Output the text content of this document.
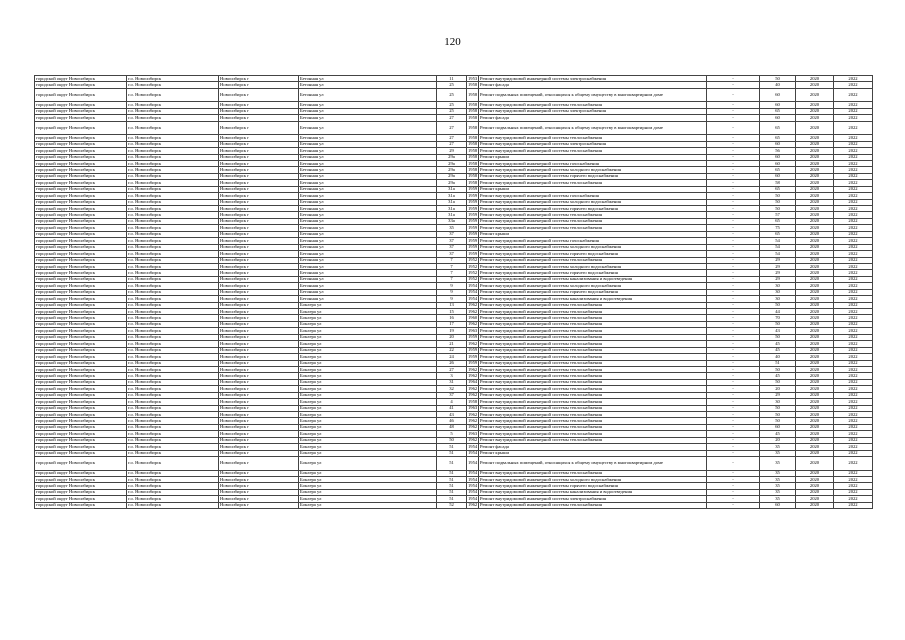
120
городской округ Новосибирск	г.о. Новосибирск	Новосибирск г	Бетонная ул	11	1953	Ремонт внутридомовой инженерной системы электроснабжения	-	50	2020	2022
городской округ Новосибирск	г.о. Новосибирск	Новосибирск г	Бетонная ул	25	1958	Ремонт фасада	-	40	2020	2022
городской округ Новосибирск	г.о. Новосибирск	Новосибирск г	Бетонная ул	25	1958	Ремонт подвальных помещений, относящихся к общему имуществу в многоквартирном доме	-	60	2020	2022
городской округ Новосибирск	г.о. Новосибирск	Новосибирск г	Бетонная ул	25	1958	Ремонт внутридомовой инженерной системы теплоснабжения	-	60	2020	2022
городской округ Новосибирск	г.о. Новосибирск	Новосибирск г	Бетонная ул	25	1958	Ремонт внутридомовой инженерной системы электроснабжения	-	65	2020	2022
городской округ Новосибирск	г.о. Новосибирск	Новосибирск г	Бетонная ул	27	1958	Ремонт фасада	-	60	2020	2022
городской округ Новосибирск	г.о. Новосибирск	Новосибирск г	Бетонная ул	27	1958	Ремонт подвальных помещений, относящихся к общему имуществу в многоквартирном доме	-	65	2020	2022
городской округ Новосибирск	г.о. Новосибирск	Новосибирск г	Бетонная ул	27	1958	Ремонт внутридомовой инженерной системы теплоснабжения	-	65	2020	2022
городской округ Новосибирск	г.о. Новосибирск	Новосибирск г	Бетонная ул	27	1958	Ремонт внутридомовой инженерной системы электроснабжения	-	60	2020	2022
городской округ Новосибирск	г.о. Новосибирск	Новосибирск г	Бетонная ул	29	1958	Ремонт внутридомовой инженерной системы теплоснабжения	-	56	2020	2022
городской округ Новосибирск	г.о. Новосибирск	Новосибирск г	Бетонная ул	29а	1958	Ремонт крыши	-	60	2020	2022
городской округ Новосибирск	г.о. Новосибирск	Новосибирск г	Бетонная ул	29а	1958	Ремонт внутридомовой инженерной системы газоснабжения	-	60	2020	2022
городской округ Новосибирск	г.о. Новосибирск	Новосибирск г	Бетонная ул	29а	1958	Ремонт внутридомовой инженерной системы холодного водоснабжения	-	65	2020	2022
городской округ Новосибирск	г.о. Новосибирск	Новосибирск г	Бетонная ул	29а	1958	Ремонт внутридомовой инженерной системы горячего водоснабжения	-	60	2020	2022
городской округ Новосибирск	г.о. Новосибирск	Новосибирск г	Бетонная ул	29а	1958	Ремонт внутридомовой инженерной системы теплоснабжения	-	58	2020	2022
городской округ Новосибирск	г.о. Новосибирск	Новосибирск г	Бетонная ул	31а	1959	Ремонт крыши	-	65	2020	2022
городской округ Новосибирск	г.о. Новосибирск	Новосибирск г	Бетонная ул	31а	1959	Ремонт внутридомовой инженерной системы газоснабжения	-	50	2020	2022
городской округ Новосибирск	г.о. Новосибирск	Новосибирск г	Бетонная ул	31а	1959	Ремонт внутридомовой инженерной системы холодного водоснабжения	-	50	2020	2022
городской округ Новосибирск	г.о. Новосибирск	Новосибирск г	Бетонная ул	31а	1959	Ремонт внутридомовой инженерной системы горячего водоснабжения	-	50	2020	2022
городской округ Новосибирск	г.о. Новосибирск	Новосибирск г	Бетонная ул	31а	1959	Ремонт внутридомовой инженерной системы теплоснабжения	-	57	2020	2022
городской округ Новосибирск	г.о. Новосибирск	Новосибирск г	Бетонная ул	33а	1959	Ремонт внутридомовой инженерной системы теплоснабжения	-	65	2020	2022
городской округ Новосибирск	г.о. Новосибирск	Новосибирск г	Бетонная ул	35	1959	Ремонт внутридомовой инженерной системы теплоснабжения	-	75	2020	2022
городской округ Новосибирск	г.о. Новосибирск	Новосибирск г	Бетонная ул	37	1959	Ремонт крыши	-	65	2020	2022
городской округ Новосибирск	г.о. Новосибирск	Новосибирск г	Бетонная ул	37	1959	Ремонт внутридомовой инженерной системы газоснабжения	-	54	2020	2022
городской округ Новосибирск	г.о. Новосибирск	Новосибирск г	Бетонная ул	37	1959	Ремонт внутридомовой инженерной системы холодного водоснабжения	-	54	2020	2022
городской округ Новосибирск	г.о. Новосибирск	Новосибирск г	Бетонная ул	37	1959	Ремонт внутридомовой инженерной системы горячего водоснабжения	-	54	2020	2022
городской округ Новосибирск	г.о. Новосибирск	Новосибирск г	Бетонная ул	7	1952	Ремонт внутридомовой инженерной системы теплоснабжения	-	29	2020	2022
городской округ Новосибирск	г.о. Новосибирск	Новосибирск г	Бетонная ул	7	1952	Ремонт внутридомовой инженерной системы холодного водоснабжения	-	29	2020	2022
городской округ Новосибирск	г.о. Новосибирск	Новосибирск г	Бетонная ул	7	1952	Ремонт внутридомовой инженерной системы горячего водоснабжения	-	29	2020	2022
городской округ Новосибирск	г.о. Новосибирск	Новосибирск г	Бетонная ул	7	1952	Ремонт внутридомовой инженерной системы канализования и водоотведения	-	29	2020	2022
городской округ Новосибирск	г.о. Новосибирск	Новосибирск г	Бетонная ул	9	1954	Ремонт внутридомовой инженерной системы холодного водоснабжения	-	30	2020	2022
городской округ Новосибирск	г.о. Новосибирск	Новосибирск г	Бетонная ул	9	1954	Ремонт внутридомовой инженерной системы горячего водоснабжения	-	30	2020	2022
городской округ Новосибирск	г.о. Новосибирск	Новосибирск г	Бетонная ул	9	1954	Ремонт внутридомовой инженерной системы канализования и водоотведения	-	30	2020	2022
городской округ Новосибирск	г.о. Новосибирск	Новосибирск г	Боклера ул	13	1962	Ремонт внутридомовой инженерной системы теплоснабжения	-	50	2020	2022
городской округ Новосибирск	г.о. Новосибирск	Новосибирск г	Боклера ул	15	1962	Ремонт внутридомовой инженерной системы теплоснабжения	-	44	2020	2022
городской округ Новосибирск	г.о. Новосибирск	Новосибирск г	Боклера ул	16	1960	Ремонт внутридомовой инженерной системы теплоснабжения	-	70	2020	2022
городской округ Новосибирск	г.о. Новосибирск	Новосибирск г	Боклера ул	17	1962	Ремонт внутридомовой инженерной системы теплоснабжения	-	50	2020	2022
городской округ Новосибирск	г.о. Новосибирск	Новосибирск г	Боклера ул	19	1963	Ремонт внутридомовой инженерной системы теплоснабжения	-	43	2020	2022
городской округ Новосибирск	г.о. Новосибирск	Новосибирск г	Боклера ул	20	1959	Ремонт внутридомовой инженерной системы теплоснабжения	-	50	2020	2022
городской округ Новосибирск	г.о. Новосибирск	Новосибирск г	Боклера ул	21	1962	Ремонт внутридомовой инженерной системы теплоснабжения	-	45	2020	2022
городской округ Новосибирск	г.о. Новосибирск	Новосибирск г	Боклера ул	22	1959	Ремонт внутридомовой инженерной системы теплоснабжения	-	45	2020	2022
городской округ Новосибирск	г.о. Новосибирск	Новосибирск г	Боклера ул	24	1959	Ремонт внутридомовой инженерной системы теплоснабжения	-	40	2020	2022
городской округ Новосибирск	г.о. Новосибирск	Новосибирск г	Боклера ул	26	1959	Ремонт внутридомовой инженерной системы теплоснабжения	-	51	2020	2022
городской округ Новосибирск	г.о. Новосибирск	Новосибирск г	Боклера ул	27	1962	Ремонт внутридомовой инженерной системы теплоснабжения	-	50	2020	2022
городской округ Новосибирск	г.о. Новосибирск	Новосибирск г	Боклера ул	3	1962	Ремонт внутридомовой инженерной системы теплоснабжения	-	45	2020	2022
городской округ Новосибирск	г.о. Новосибирск	Новосибирск г	Боклера ул	31	1964	Ремонт внутридомовой инженерной системы теплоснабжения	-	50	2020	2022
городской округ Новосибирск	г.о. Новосибирск	Новосибирск г	Боклера ул	32	1962	Ремонт внутридомовой инженерной системы теплоснабжения	-	20	2020	2022
городской округ Новосибирск	г.о. Новосибирск	Новосибирск г	Боклера ул	37	1962	Ремонт внутридомовой инженерной системы теплоснабжения	-	29	2020	2022
городской округ Новосибирск	г.о. Новосибирск	Новосибирск г	Боклера ул	4	1958	Ремонт внутридомовой инженерной системы теплоснабжения	-	30	2020	2022
городской округ Новосибирск	г.о. Новосибирск	Новосибирск г	Боклера ул	41	1963	Ремонт внутридомовой инженерной системы теплоснабжения	-	50	2020	2022
городской округ Новосибирск	г.о. Новосибирск	Новосибирск г	Боклера ул	43	1962	Ремонт внутридомовой инженерной системы теплоснабжения	-	50	2020	2022
городской округ Новосибирск	г.о. Новосибирск	Новосибирск г	Боклера ул	46	1962	Ремонт внутридомовой инженерной системы теплоснабжения	-	50	2020	2022
городской округ Новосибирск	г.о. Новосибирск	Новосибирск г	Боклера ул	48	1962	Ремонт внутридомовой инженерной системы теплоснабжения	-	60	2020	2022
городской округ Новосибирск	г.о. Новосибирск	Новосибирск г	Боклера ул	5	1963	Ремонт внутридомовой инженерной системы теплоснабжения	-	45	2020	2022
городской округ Новосибирск	г.о. Новосибирск	Новосибирск г	Боклера ул	50	1962	Ремонт внутридомовой инженерной системы теплоснабжения	-	20	2020	2022
городской округ Новосибирск	г.о. Новосибирск	Новосибирск г	Боклера ул	51	1954	Ремонт фасада	-	35	2020	2022
городской округ Новосибирск	г.о. Новосибирск	Новосибирск г	Боклера ул	51	1954	Ремонт крыши	-	35	2020	2022
городской округ Новосибирск	г.о. Новосибирск	Новосибирск г	Боклера ул	51	1954	Ремонт подвальных помещений, относящихся к общему имуществу в многоквартирном доме	-	35	2020	2022
городской округ Новосибирск	г.о. Новосибирск	Новосибирск г	Боклера ул	51	1954	Ремонт внутридомовой инженерной системы теплоснабжения	-	35	2020	2022
городской округ Новосибирск	г.о. Новосибирск	Новосибирск г	Боклера ул	51	1954	Ремонт внутридомовой инженерной системы холодного водоснабжения	-	35	2020	2022
городской округ Новосибирск	г.о. Новосибирск	Новосибирск г	Боклера ул	51	1954	Ремонт внутридомовой инженерной системы горячего водоснабжения	-	35	2020	2022
городской округ Новосибирск	г.о. Новосибирск	Новосибирск г	Боклера ул	51	1954	Ремонт внутридомовой инженерной системы канализования и водоотведения	-	35	2020	2022
городской округ Новосибирск	г.о. Новосибирск	Новосибирск г	Боклера ул	51	1954	Ремонт внутридомовой инженерной системы электроснабжения	-	35	2020	2022
городской округ Новосибирск	г.о. Новосибирск	Новосибирск г	Боклера ул	52	1962	Ремонт внутридомовой инженерной системы теплоснабжения	-	60	2020	2022
